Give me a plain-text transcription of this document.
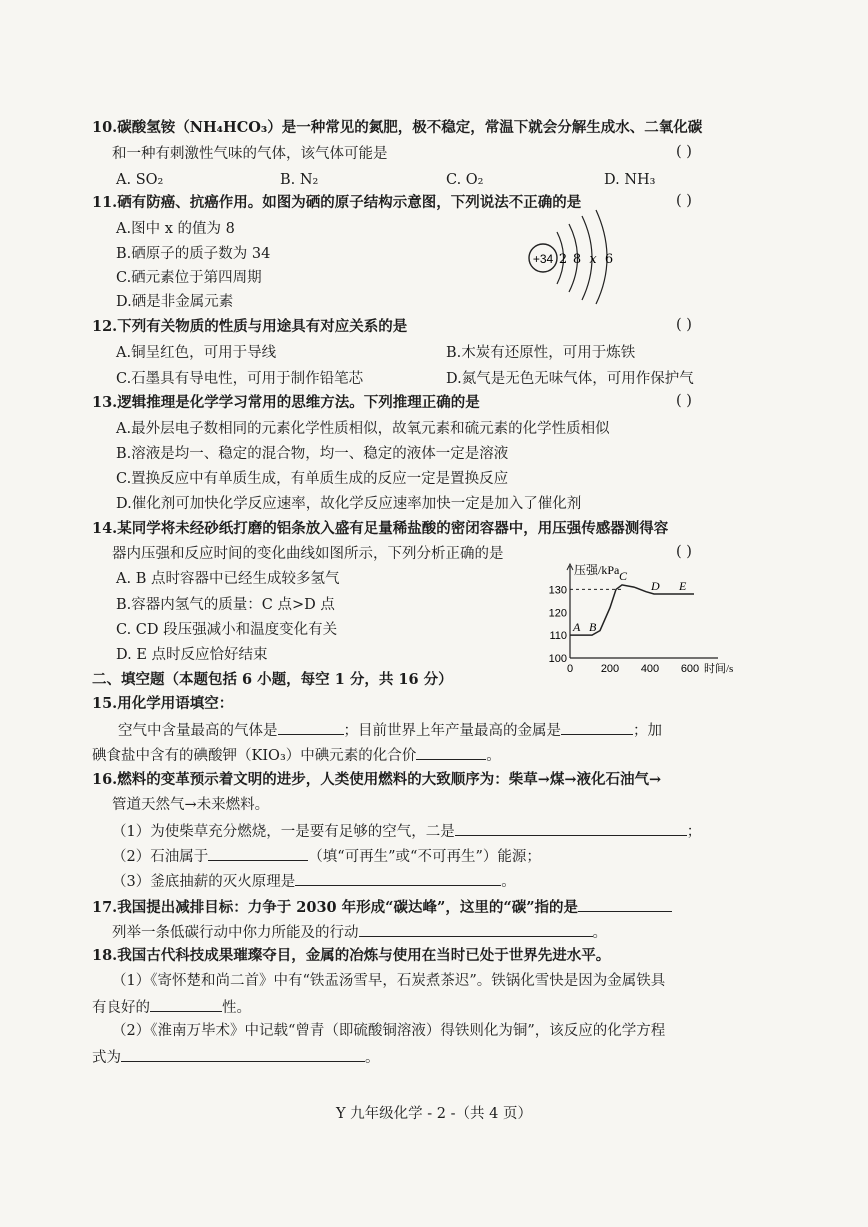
10.碳酸氢铵（NH₄HCO₃）是一种常见的氮肥，极不稳定，常温下就会分解生成水、二氧化碳
和一种有刺激性气味的气体，该气体可能是	( )
A. SO₂	B. N₂	C. O₂	D. NH₃
11.硒有防癌、抗癌作用。如图为硒的原子结构示意图，下列说法不正确的是	( )
A.图中 x 的值为 8
B.硒原子的质子数为 34
C.硒元素位于第四周期
D.硒是非金属元素
+34 2 8 x 6
12.下列有关物质的性质与用途具有对应关系的是	( )
A.铜呈红色，可用于导线	B.木炭有还原性，可用于炼铁
C.石墨具有导电性，可用于制作铅笔芯	D.氮气是无色无味气体，可用作保护气
13.逻辑推理是化学学习常用的思维方法。下列推理正确的是	( )
A.最外层电子数相同的元素化学性质相似，故氧元素和硫元素的化学性质相似
B.溶液是均一、稳定的混合物，均一、稳定的液体一定是溶液
C.置换反应中有单质生成，有单质生成的反应一定是置换反应
D.催化剂可加快化学反应速率，故化学反应速率加快一定是加入了催化剂
14.某同学将未经砂纸打磨的铝条放入盛有足量稀盐酸的密闭容器中，用压强传感器测得容
器内压强和反应时间的变化曲线如图所示，下列分析正确的是	( )
A. B 点时容器中已经生成较多氢气
B.容器内氢气的质量：C 点>D 点
C. CD 段压强减小和温度变化有关
D. E 点时反应恰好结束
压强/kPa
时间/s
100
110
120
130
0	200 400 600
A B
C
D E
二、填空题（本题包括 6 小题，每空 1 分，共 16 分）
15.用化学用语填空：
空气中含量最高的气体是	；目前世界上年产量最高的金属是	；加
碘食盐中含有的碘酸钾（KIO₃）中碘元素的化合价	。
16.燃料的变革预示着文明的进步，人类使用燃料的大致顺序为：柴草→煤→液化石油气→
管道天然气→未来燃料。
（1）为使柴草充分燃烧，一是要有足够的空气，二是	；
（2）石油属于	（填“可再生”或“不可再生”）能源；
（3）釜底抽薪的灭火原理是	。
17.我国提出减排目标：力争于 2030 年形成“碳达峰”，这里的“碳”指的是
列举一条低碳行动中你力所能及的行动	。
18.我国古代科技成果璀璨夺目，金属的冶炼与使用在当时已处于世界先进水平。
（1）《寄怀楚和尚二首》中有“铁盂汤雪早，石炭煮茶迟”。铁锅化雪快是因为金属铁具
有良好的	性。
（2）《淮南万毕术》中记载“曾青（即硫酸铜溶液）得铁则化为铜”，该反应的化学方程
式为	。
Y 九年级化学 - 2 -（共 4 页）
